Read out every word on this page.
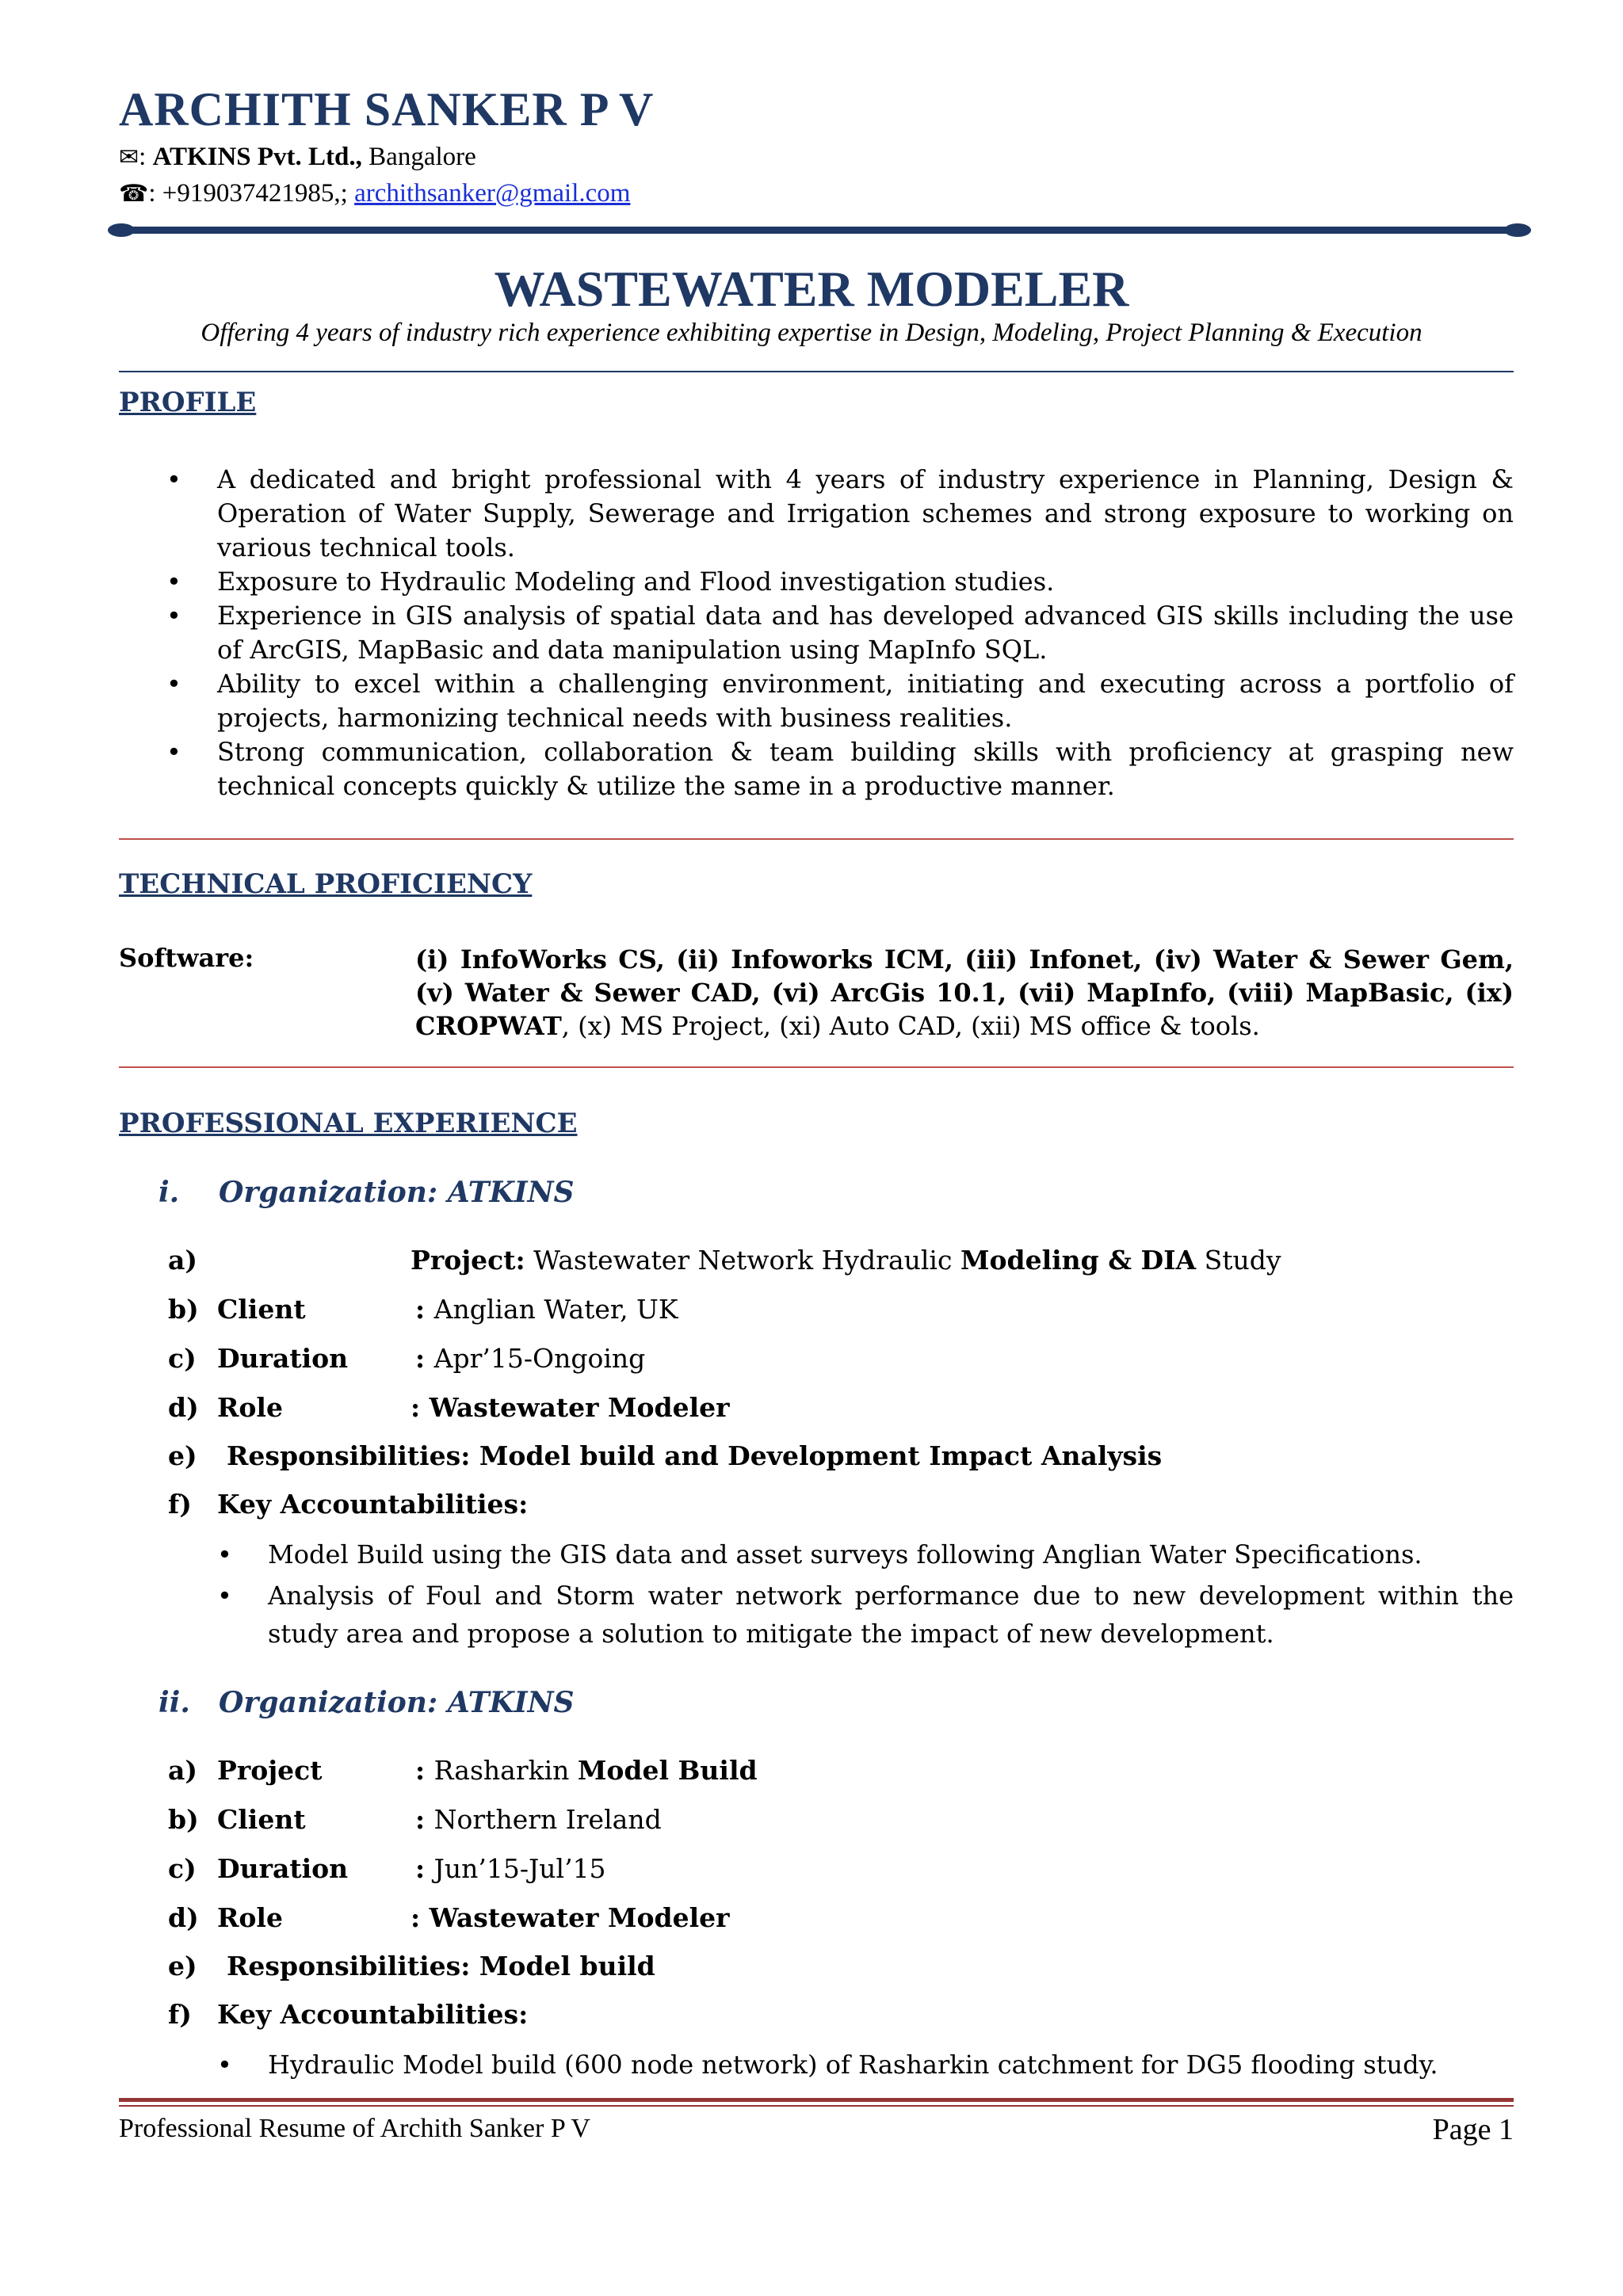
ARCHITH SANKER P V
✉: ATKINS Pvt. Ltd., Bangalore
☎: +919037421985,; archithsanker@gmail.com
WASTEWATER MODELER
Offering 4 years of industry rich experience exhibiting expertise in Design, Modeling, Project Planning & Execution
PROFILE
• A dedicated and bright professional with 4 years of industry experience in Planning, Design & Operation of Water Supply, Sewerage and Irrigation schemes and strong exposure to working on various technical tools.
• Exposure to Hydraulic Modeling and Flood investigation studies.
• Experience in GIS analysis of spatial data and has developed advanced GIS skills including the use of ArcGIS, MapBasic and data manipulation using MapInfo SQL.
• Ability to excel within a challenging environment, initiating and executing across a portfolio of projects, harmonizing technical needs with business realities.
• Strong communication, collaboration & team building skills with proficiency at grasping new technical concepts quickly & utilize the same in a productive manner.
TECHNICAL PROFICIENCY
Software:	(i) InfoWorks CS, (ii) Infoworks ICM, (iii) Infonet, (iv) Water & Sewer Gem, (v) Water & Sewer CAD, (vi) ArcGis 10.1, (vii) MapInfo, (viii) MapBasic, (ix) CROPWAT, (x) MS Project, (xi) Auto CAD, (xii) MS office & tools.
PROFESSIONAL EXPERIENCE
i. Organization: ATKINS
a)	Project: Wastewater Network Hydraulic Modeling & DIA Study
b) Client	: Anglian Water, UK
c) Duration	: Apr’15-Ongoing
d) Role	: Wastewater Modeler
e) Responsibilities: Model build and Development Impact Analysis
f) Key Accountabilities:
• Model Build using the GIS data and asset surveys following Anglian Water Specifications.
• Analysis of Foul and Storm water network performance due to new development within the study area and propose a solution to mitigate the impact of new development.
ii. Organization: ATKINS
a) Project	: Rasharkin Model Build
b) Client	: Northern Ireland
c) Duration	: Jun’15-Jul’15
d) Role	: Wastewater Modeler
e) Responsibilities: Model build
f) Key Accountabilities:
• Hydraulic Model build (600 node network) of Rasharkin catchment for DG5 flooding study.
Professional Resume of Archith Sanker P V	Page 1
